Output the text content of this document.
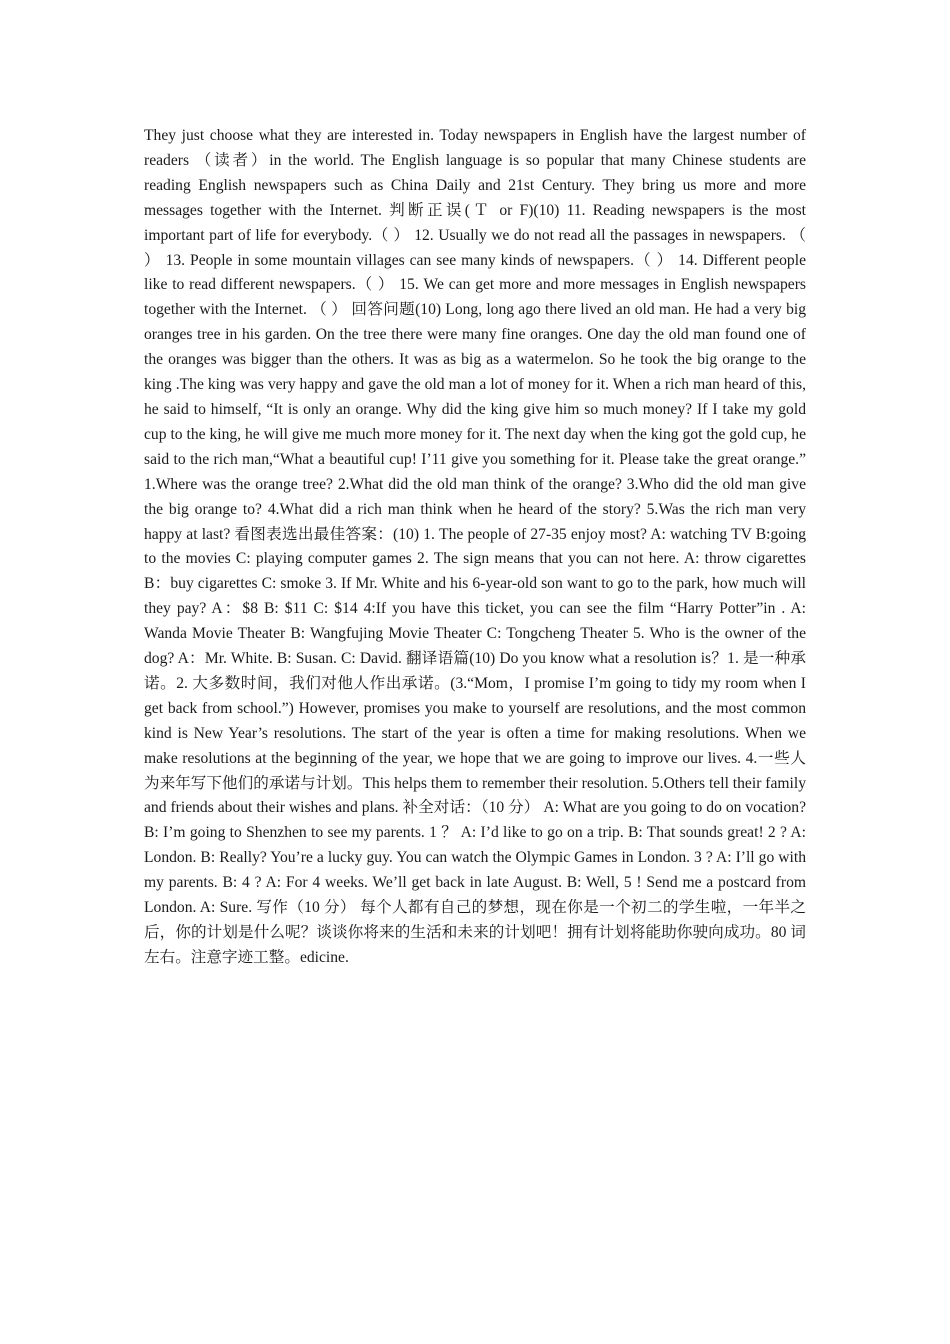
They just choose what they are interested in. Today newspapers in English have the largest number of readers （读者）in the world. The English language is so popular that many Chinese students are reading English newspapers such as China Daily and 21st Century. They bring us more and more messages together with the Internet. 判断正误(Ｔ or F)(10) 11. Reading newspapers is the most important part of life for everybody.（ ） 12. Usually we do not read all the passages in newspapers. （ ） 13. People in some mountain villages can see many kinds of newspapers.（ ） 14. Different people like to read different newspapers.（ ） 15. We can get more and more messages in English newspapers together with the Internet. （ ） 回答问题(10) Long, long ago there lived an old man. He had a very big oranges tree in his garden. On the tree there were many fine oranges. One day the old man found one of the oranges was bigger than the others. It was as big as a watermelon. So he took the big orange to the king .The king was very happy and gave the old man a lot of money for it. When a rich man heard of this, he said to himself, “It is only an orange. Why did the king give him so much money? If I take my gold cup to the king, he will give me much more money for it. The next day when the king got the gold cup, he said to the rich man,“What a beautiful cup! I’11 give you something for it. Please take the great orange.” 1.Where was the orange tree? 2.What did the old man think of the orange? 3.Who did the old man give the big orange to? 4.What did a rich man think when he heard of the story? 5.Was the rich man very happy at last? 看图表选出最佳答案：(10) 1. The people of 27-35 enjoy most? A: watching TV B:going to the movies C: playing computer games 2. The sign means that you can not here. A: throw cigarettes B：buy cigarettes C: smoke 3. If Mr. White and his 6-year-old son want to go to the park, how much will they pay? A：$8 B: $11 C: $14 4:If you have this ticket, you can see the film “Harry Potter”in . A: Wanda Movie Theater B: Wangfujing Movie Theater C: Tongcheng Theater 5. Who is the owner of the dog? A：Mr. White. B: Susan. C: David. 翻译语篇(10) Do you know what a resolution is？1. 是一种承诺。2. 大多数时间，我们对他人作出承诺。(3.“Mom，I promise I’m going to tidy my room when I get back from school.”) However, promises you make to yourself are resolutions, and the most common kind is New Year’s resolutions. The start of the year is often a time for making resolutions. When we make resolutions at the beginning of the year, we hope that we are going to improve our lives. 4.一些人为来年写下他们的承诺与计划。This helps them to remember their resolution. 5.Others tell their family and friends about their wishes and plans. 补全对话：（10 分） A: What are you going to do on vocation? B: I’m going to Shenzhen to see my parents. 1 ？ A: I’d like to go on a trip. B: That sounds great! 2 ? A: London. B: Really? You’re a lucky guy. You can watch the Olympic Games in London. 3 ? A: I’ll go with my parents. B: 4 ? A: For 4 weeks. We’ll get back in late August. B: Well, 5 ! Send me a postcard from London. A: Sure. 写作（10 分） 每个人都有自己的梦想，现在你是一个初二的学生啦，一年半之后，你的计划是什么呢？谈谈你将来的生活和未来的计划吧！拥有计划将能助你驶向成功。80 词左右。注意字迹工整。edicine.
